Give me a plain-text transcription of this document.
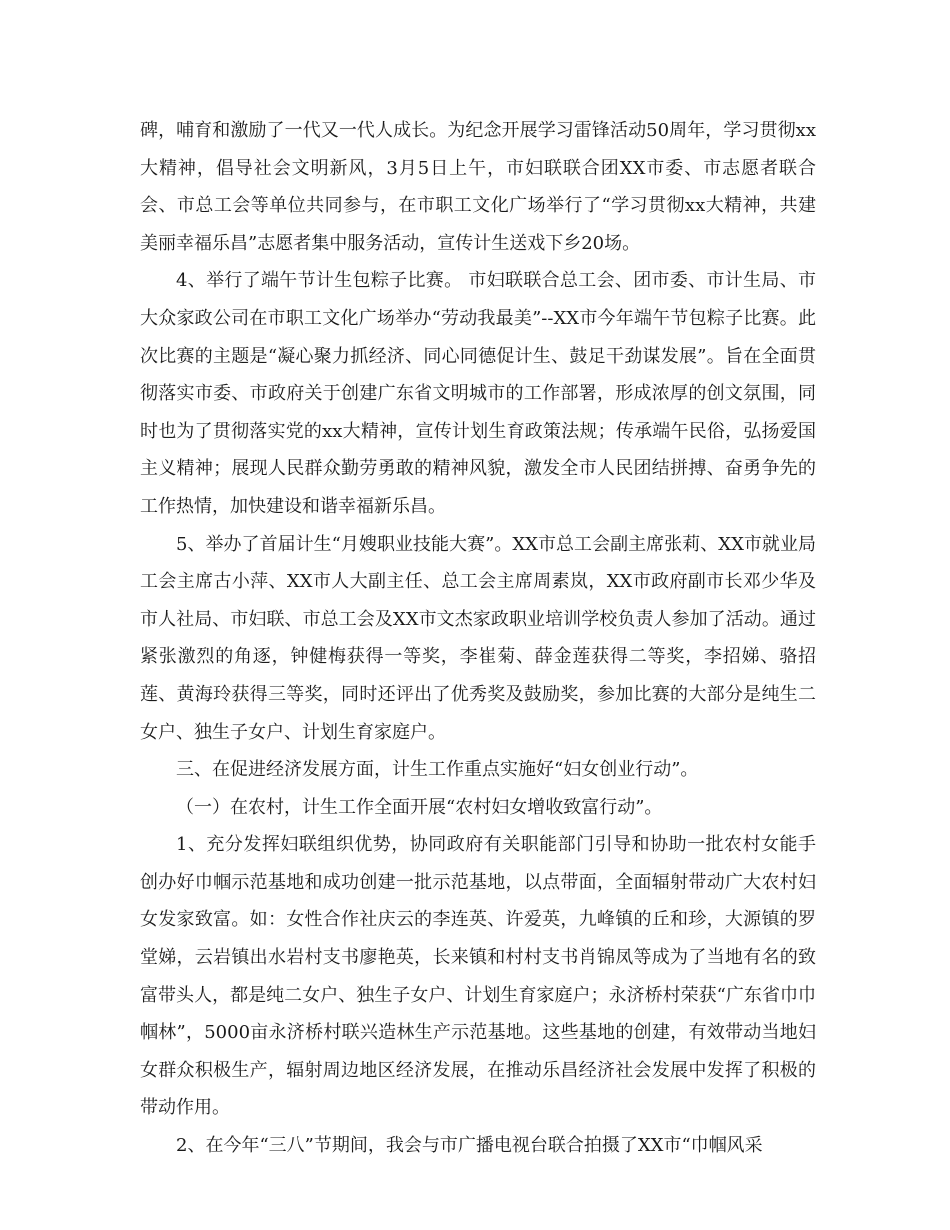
碑，哺育和激励了一代又一代人成长。为纪念开展学习雷锋活动50周年，学习贯彻xx大精神，倡导社会文明新风，3月5日上午，市妇联联合团XX市委、市志愿者联合会、市总工会等单位共同参与，在市职工文化广场举行了“学习贯彻xx大精神，共建美丽幸福乐昌”志愿者集中服务活动，宣传计生送戏下乡20场。

4、举行了端午节计生包粽子比赛。 市妇联联合总工会、团市委、市计生局、市大众家政公司在市职工文化广场举办“劳动我最美”--XX市今年端午节包粽子比赛。此次比赛的主题是“凝心聚力抓经济、同心同德促计生、鼓足干劲谋发展”。旨在全面贯彻落实市委、市政府关于创建广东省文明城市的工作部署，形成浓厚的创文氛围，同时也为了贯彻落实党的xx大精神，宣传计划生育政策法规；传承端午民俗，弘扬爱国主义精神；展现人民群众勤劳勇敢的精神风貌，激发全市人民团结拼搏、奋勇争先的工作热情，加快建设和谐幸福新乐昌。

5、举办了首届计生“月嫂职业技能大赛”。XX市总工会副主席张莉、XX市就业局工会主席古小萍、XX市人大副主任、总工会主席周素岚，XX市政府副市长邓少华及市人社局、市妇联、市总工会及XX市文杰家政职业培训学校负责人参加了活动。通过紧张激烈的角逐，钟健梅获得一等奖，李崔菊、薛金莲获得二等奖，李招娣、骆招莲、黄海玲获得三等奖，同时还评出了优秀奖及鼓励奖，参加比赛的大部分是纯生二女户、独生子女户、计划生育家庭户。

三、在促进经济发展方面，计生工作重点实施好“妇女创业行动”。

（一）在农村，计生工作全面开展“农村妇女增收致富行动”。

1、充分发挥妇联组织优势，协同政府有关职能部门引导和协助一批农村女能手创办好巾帼示范基地和成功创建一批示范基地，以点带面，全面辐射带动广大农村妇女发家致富。如：女性合作社庆云的李连英、许爱英，九峰镇的丘和珍，大源镇的罗堂娣，云岩镇出水岩村支书廖艳英，长来镇和村村支书肖锦凤等成为了当地有名的致富带头人，都是纯二女户、独生子女户、计划生育家庭户；永济桥村荣获“广东省巾巾帼林”，5000亩永济桥村联兴造林生产示范基地。这些基地的创建，有效带动当地妇女群众积极生产，辐射周边地区经济发展，在推动乐昌经济社会发展中发挥了积极的带动作用。

2、在今年“三八”节期间，我会与市广播电视台联合拍摄了XX市“巾帼风采
